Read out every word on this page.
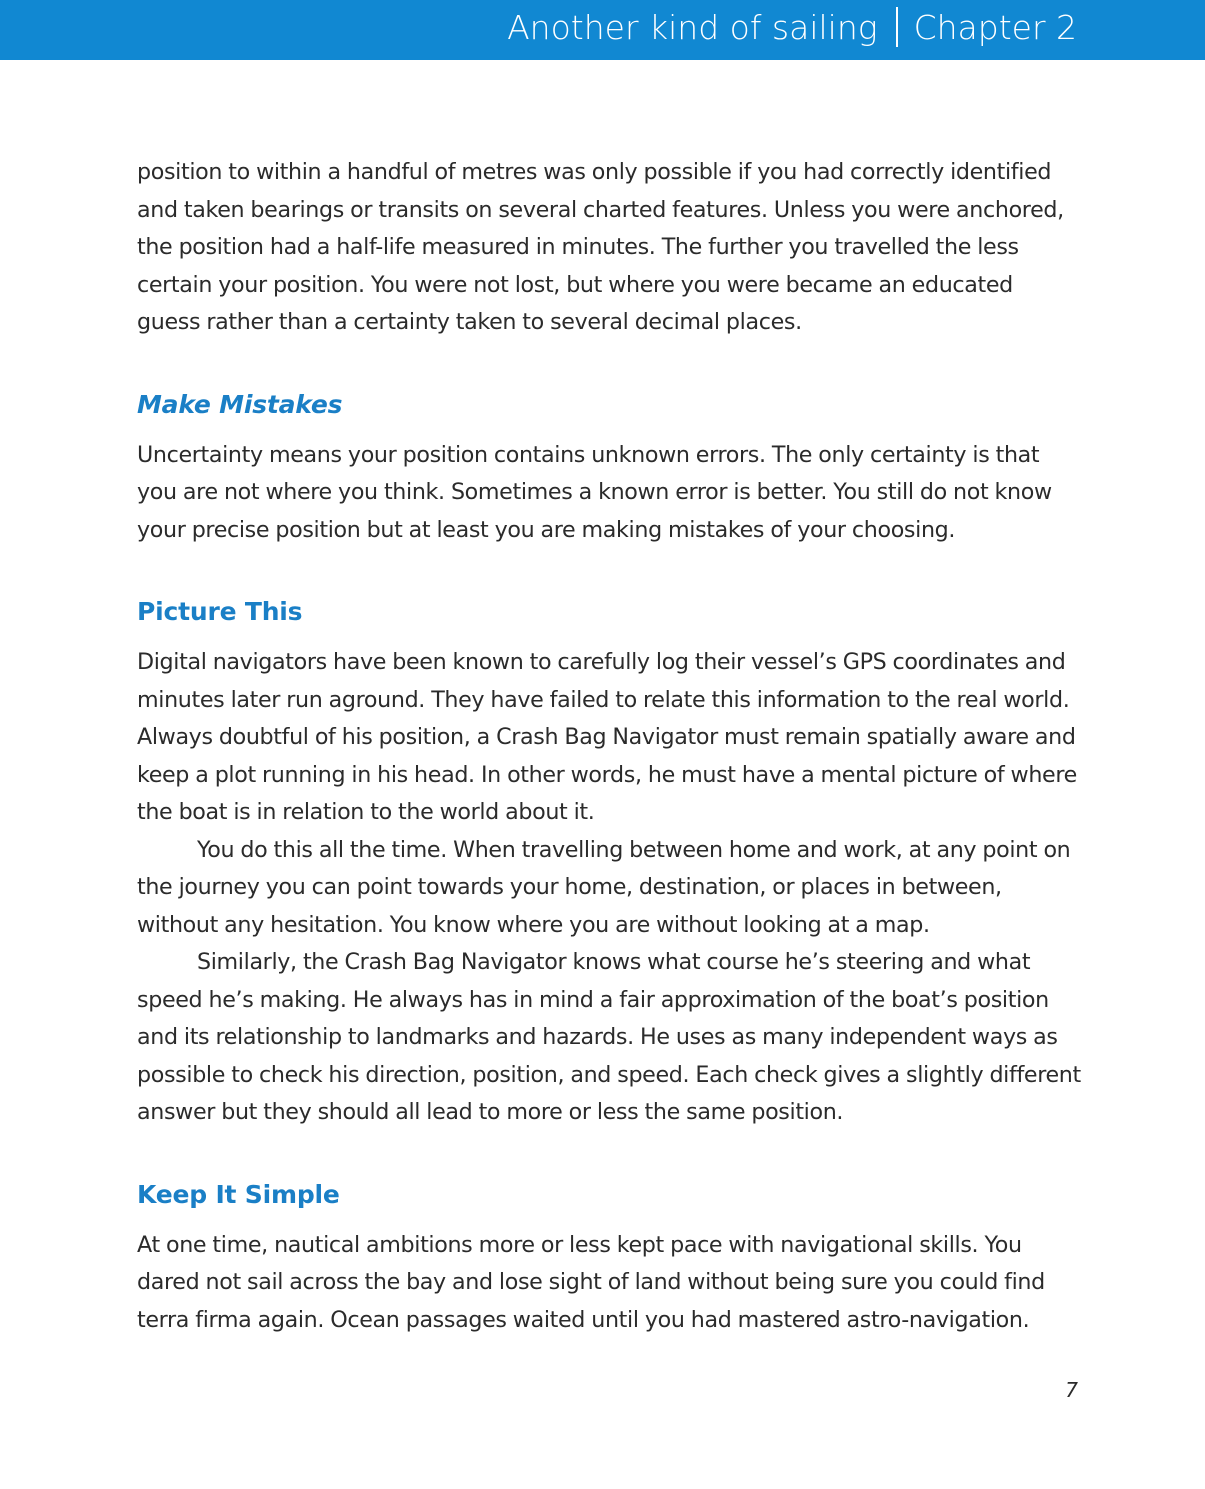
Another kind of sailing Chapter 2

position to within a handful of metres was only possible if you had correctly identified and taken bearings or transits on several charted features. Unless you were anchored, the position had a half-life measured in minutes. The further you travelled the less certain your position. You were not lost, but where you were became an educated guess rather than a certainty taken to several decimal places.

Make Mistakes

Uncertainty means your position contains unknown errors. The only certainty is that you are not where you think. Sometimes a known error is better. You still do not know your precise position but at least you are making mistakes of your choosing.

Picture This

Digital navigators have been known to carefully log their vessel’s GPS coordinates and minutes later run aground. They have failed to relate this information to the real world. Always doubtful of his position, a Crash Bag Navigator must remain spatially aware and keep a plot running in his head. In other words, he must have a mental picture of where the boat is in relation to the world about it.

You do this all the time. When travelling between home and work, at any point on the journey you can point towards your home, destination, or places in between, without any hesitation. You know where you are without looking at a map.

Similarly, the Crash Bag Navigator knows what course he’s steering and what speed he’s making. He always has in mind a fair approximation of the boat’s position and its relationship to landmarks and hazards. He uses as many independent ways as possible to check his direction, position, and speed. Each check gives a slightly different answer but they should all lead to more or less the same position.

Keep It Simple

At one time, nautical ambitions more or less kept pace with navigational skills. You dared not sail across the bay and lose sight of land without being sure you could find terra firma again. Ocean passages waited until you had mastered astro-navigation.

7
